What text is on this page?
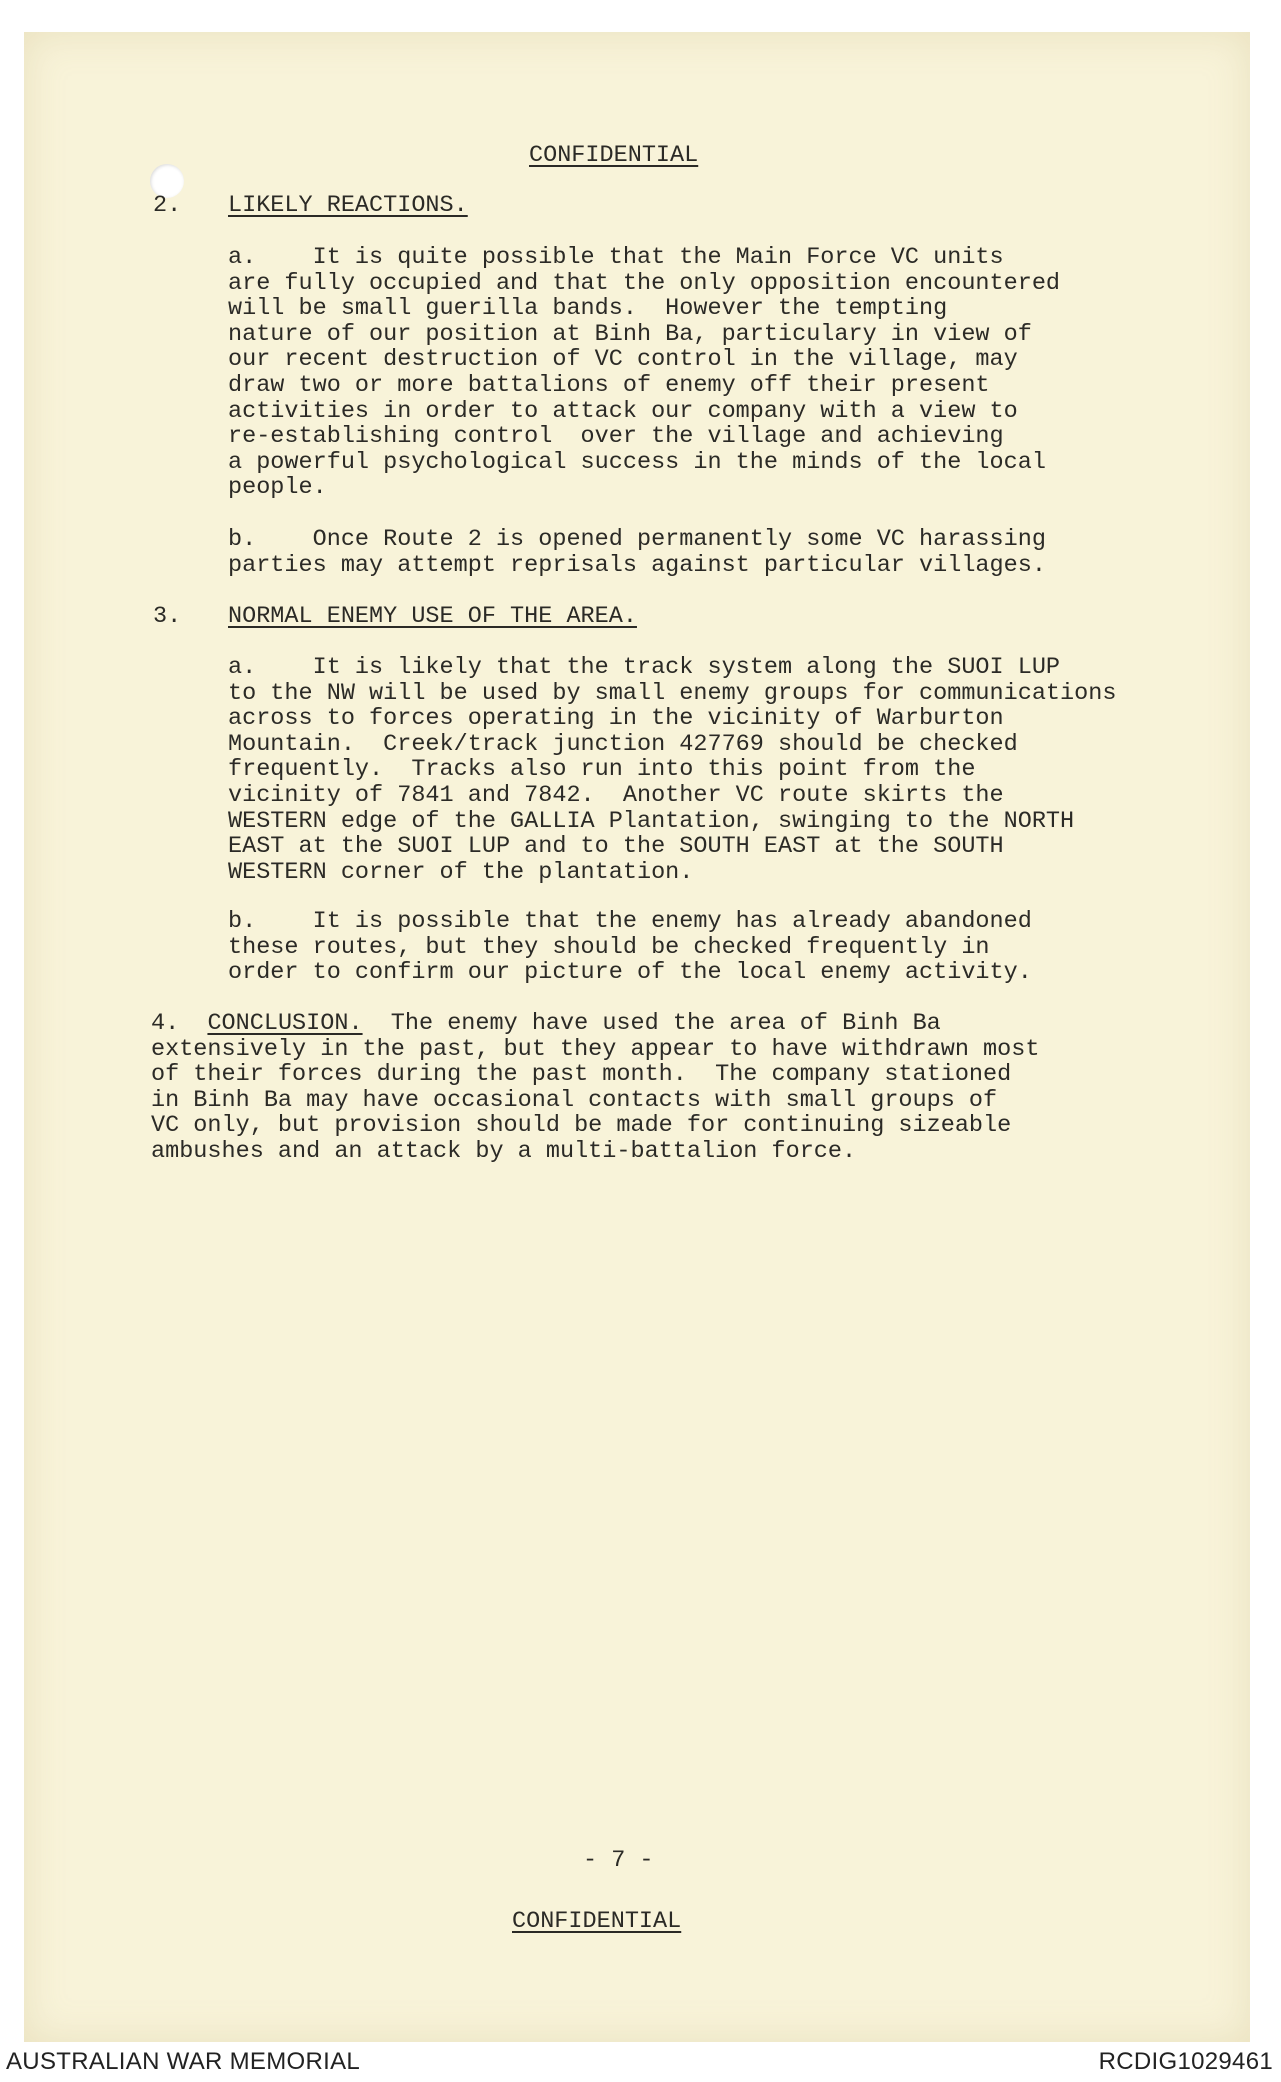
CONFIDENTIAL
2. LIKELY REACTIONS.
a.    It is quite possible that the Main Force VC units
are fully occupied and that the only opposition encountered
will be small guerilla bands.  However the tempting
nature of our position at Binh Ba, particulary in view of
our recent destruction of VC control in the village, may
draw two or more battalions of enemy off their present
activities in order to attack our company with a view to
re-establishing control  over the village and achieving
a powerful psychological success in the minds of the local
people.
b.    Once Route 2 is opened permanently some VC harassing
parties may attempt reprisals against particular villages.
3. NORMAL ENEMY USE OF THE AREA.
a.    It is likely that the track system along the SUOI LUP
to the NW will be used by small enemy groups for communications
across to forces operating in the vicinity of Warburton
Mountain.  Creek/track junction 427769 should be checked
frequently.  Tracks also run into this point from the
vicinity of 7841 and 7842.  Another VC route skirts the
WESTERN edge of the GALLIA Plantation, swinging to the NORTH
EAST at the SUOI LUP and to the SOUTH EAST at the SOUTH
WESTERN corner of the plantation.
b.    It is possible that the enemy has already abandoned
these routes, but they should be checked frequently in
order to confirm our picture of the local enemy activity.
4. CONCLUSION. The enemy have used the area of Binh Ba
extensively in the past, but they appear to have withdrawn most
of their forces during the past month.  The company stationed
in Binh Ba may have occasional contacts with small groups of
VC only, but provision should be made for continuing sizeable
ambushes and an attack by a multi-battalion force.
- 7 -
CONFIDENTIAL
AUSTRALIAN WAR MEMORIAL	RCDIG1029461
